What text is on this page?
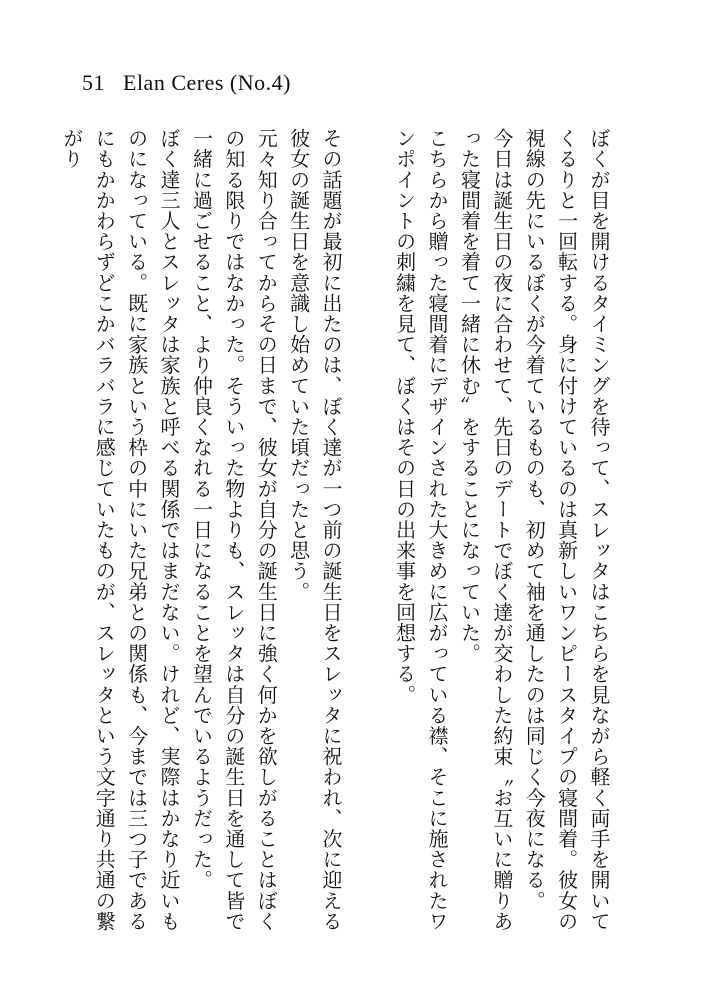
51 Elan Ceres (No.4)

ぼくが目を開けるタイミングを待って、スレッタはこちらを見ながら軽く両手を開いてくるりと一回転する。身に付けているのは真新しいワンピースタイプの寝間着。彼女の視線の先にいるぼくが今着ているものも、初めて袖を通したのは同じく今夜になる。

今日は誕生日の夜に合わせて、先日のデートでぼく達が交わした約束〝お互いに贈りあった寝間着を着て一緒に休む〟をすることになっていた。

こちらから贈った寝間着にデザインされた大きめに広がっている襟、そこに施されたワンポイントの刺繍を見て、ぼくはその日の出来事を回想する。

その話題が最初に出たのは、ぼく達が一つ前の誕生日をスレッタに祝われ、次に迎える彼女の誕生日を意識し始めていた頃だったと思う。

元々知り合ってからその日まで、彼女が自分の誕生日に強く何かを欲しがることはぼくの知る限りではなかった。そういった物よりも、スレッタは自分の誕生日を通して皆で一緒に過ごせること、より仲良くなれる一日になることを望んでいるようだった。

ぼく達三人とスレッタは家族と呼べる関係ではまだない。けれど、実際はかなり近いものになっている。既に家族という枠の中にいた兄弟との関係も、今までは三つ子であるにもかかわらずどこかバラバラに感じていたものが、スレッタという文字通り共通の繋がり
